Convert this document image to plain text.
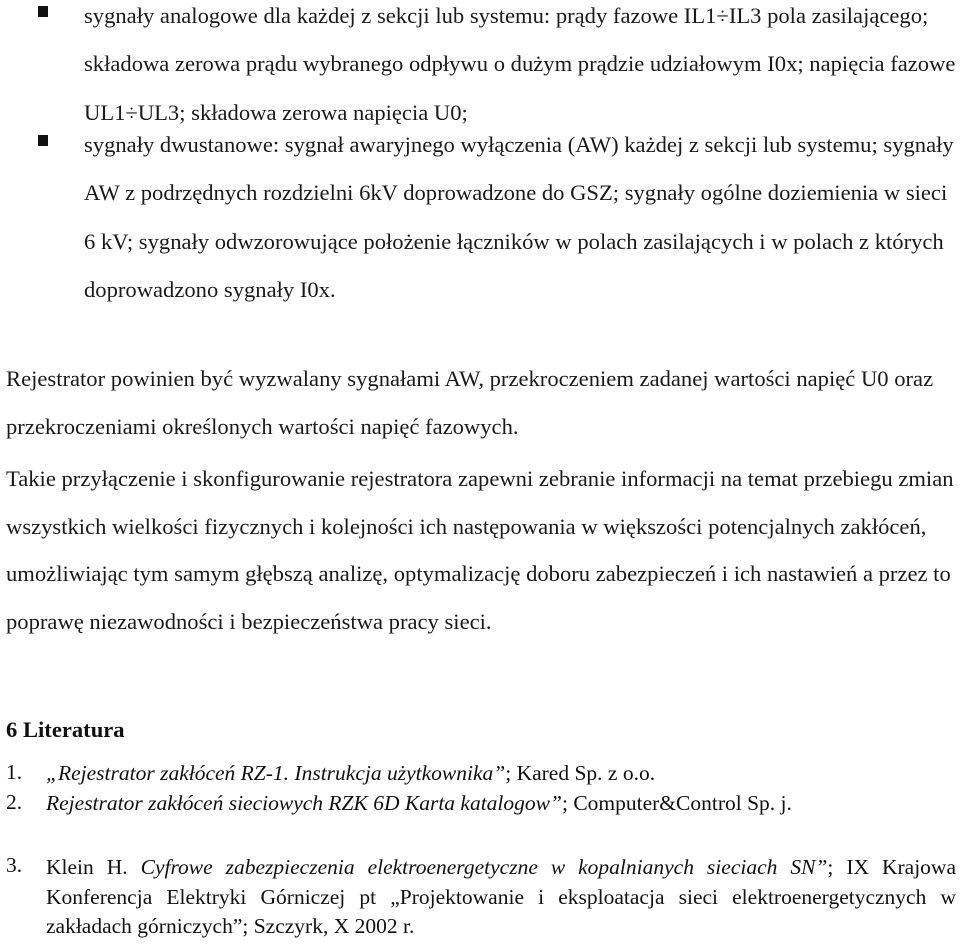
sygnały analogowe dla każdej z sekcji lub systemu: prądy fazowe IL1÷IL3 pola zasilającego; składowa zerowa prądu wybranego odpływu o dużym prądzie udziałowym I0x; napięcia fazowe UL1÷UL3; składowa zerowa napięcia U0;
sygnały dwustanowe: sygnał awaryjnego wyłączenia (AW) każdej z sekcji lub systemu; sygnały AW z podrzędnych rozdzielni 6kV doprowadzone do GSZ; sygnały ogólne doziemienia w sieci 6 kV; sygnały odwzorowujące położenie łączników w polach zasilających i w polach z których doprowadzono sygnały I0x.
Rejestrator powinien być wyzwalany sygnałami AW, przekroczeniem zadanej wartości napięć U0 oraz przekroczeniami określonych wartości napięć fazowych.
Takie przyłączenie i skonfigurowanie rejestratora zapewni zebranie informacji na temat przebiegu zmian wszystkich wielkości fizycznych i kolejności ich następowania w większości potencjalnych zakłóceń, umożliwiając tym samym głębszą analizę, optymalizację doboru zabezpieczeń i ich nastawień a przez to poprawę niezawodności i bezpieczeństwa pracy sieci.
6 Literatura
1. „Rejestrator zakłóceń RZ-1. Instrukcja użytkownika”; Kared Sp. z o.o.
2. Rejestrator zakłóceń sieciowych RZK 6D Karta katalogow”; Computer&Control Sp. j.
3. Klein H. Cyfrowe zabezpieczenia elektroenergetyczne w kopalnianych sieciach SN”; IX Krajowa Konferencja Elektryki Górniczej pt „Projektowanie i eksploatacja sieci elektroenergetycznych w zakładach górniczych”; Szczyrk, X 2002 r.
